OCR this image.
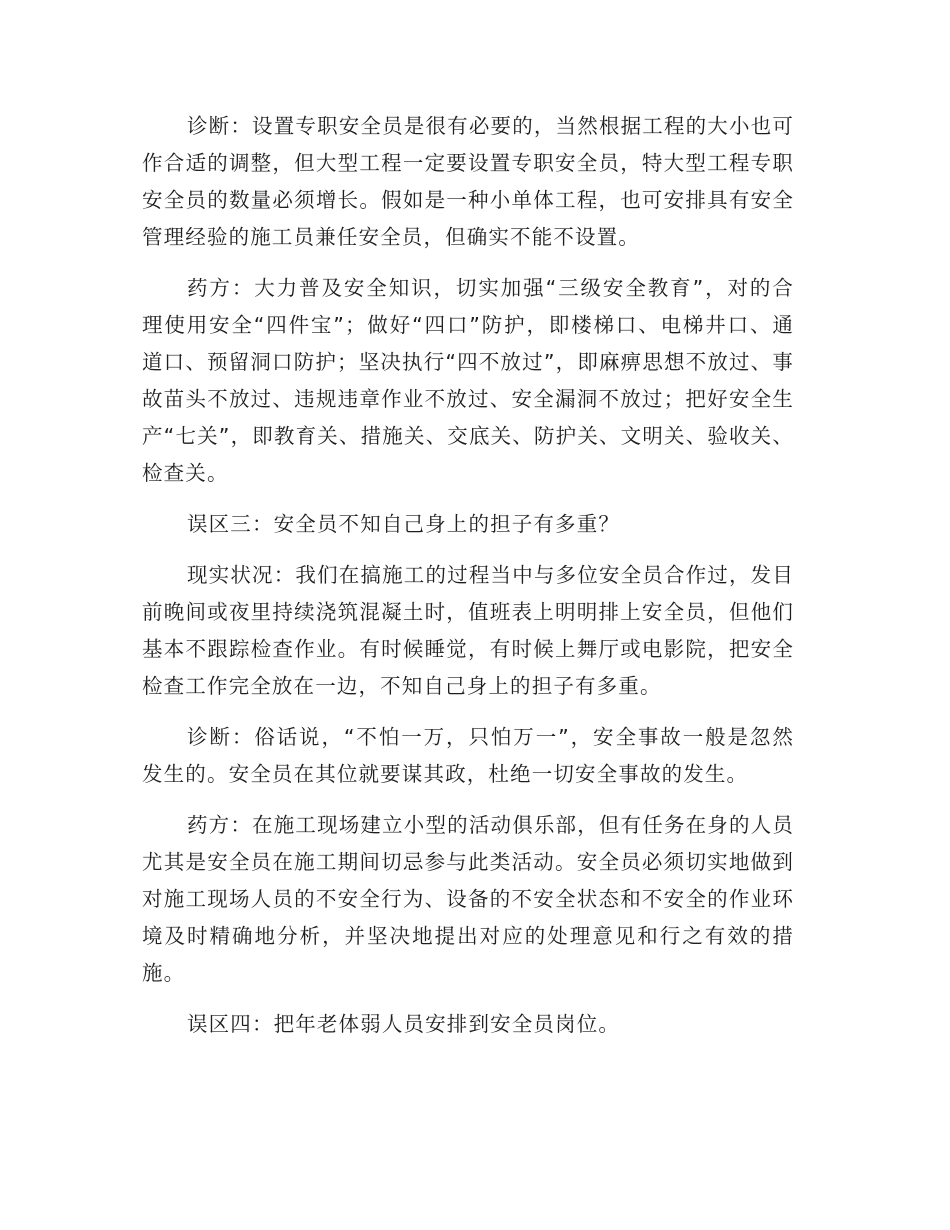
诊断：设置专职安全员是很有必要的，当然根据工程的大小也可作合适的调整，但大型工程一定要设置专职安全员，特大型工程专职安全员的数量必须增长。假如是一种小单体工程，也可安排具有安全管理经验的施工员兼任安全员，但确实不能不设置。

药方：大力普及安全知识，切实加强“三级安全教育”，对的合理使用安全“四件宝”；做好“四口”防护，即楼梯口、电梯井口、通道口、预留洞口防护；坚决执行“四不放过”，即麻痹思想不放过、事故苗头不放过、违规违章作业不放过、安全漏洞不放过；把好安全生产“七关”，即教育关、措施关、交底关、防护关、文明关、验收关、检查关。

误区三：安全员不知自己身上的担子有多重？

现实状况：我们在搞施工的过程当中与多位安全员合作过，发目前晚间或夜里持续浇筑混凝土时，值班表上明明排上安全员，但他们基本不跟踪检查作业。有时候睡觉，有时候上舞厅或电影院，把安全检查工作完全放在一边，不知自己身上的担子有多重。

诊断：俗话说，“不怕一万，只怕万一”，安全事故一般是忽然发生的。安全员在其位就要谋其政，杜绝一切安全事故的发生。

药方：在施工现场建立小型的活动俱乐部，但有任务在身的人员尤其是安全员在施工期间切忌参与此类活动。安全员必须切实地做到对施工现场人员的不安全行为、设备的不安全状态和不安全的作业环境及时精确地分析，并坚决地提出对应的处理意见和行之有效的措施。

误区四：把年老体弱人员安排到安全员岗位。
